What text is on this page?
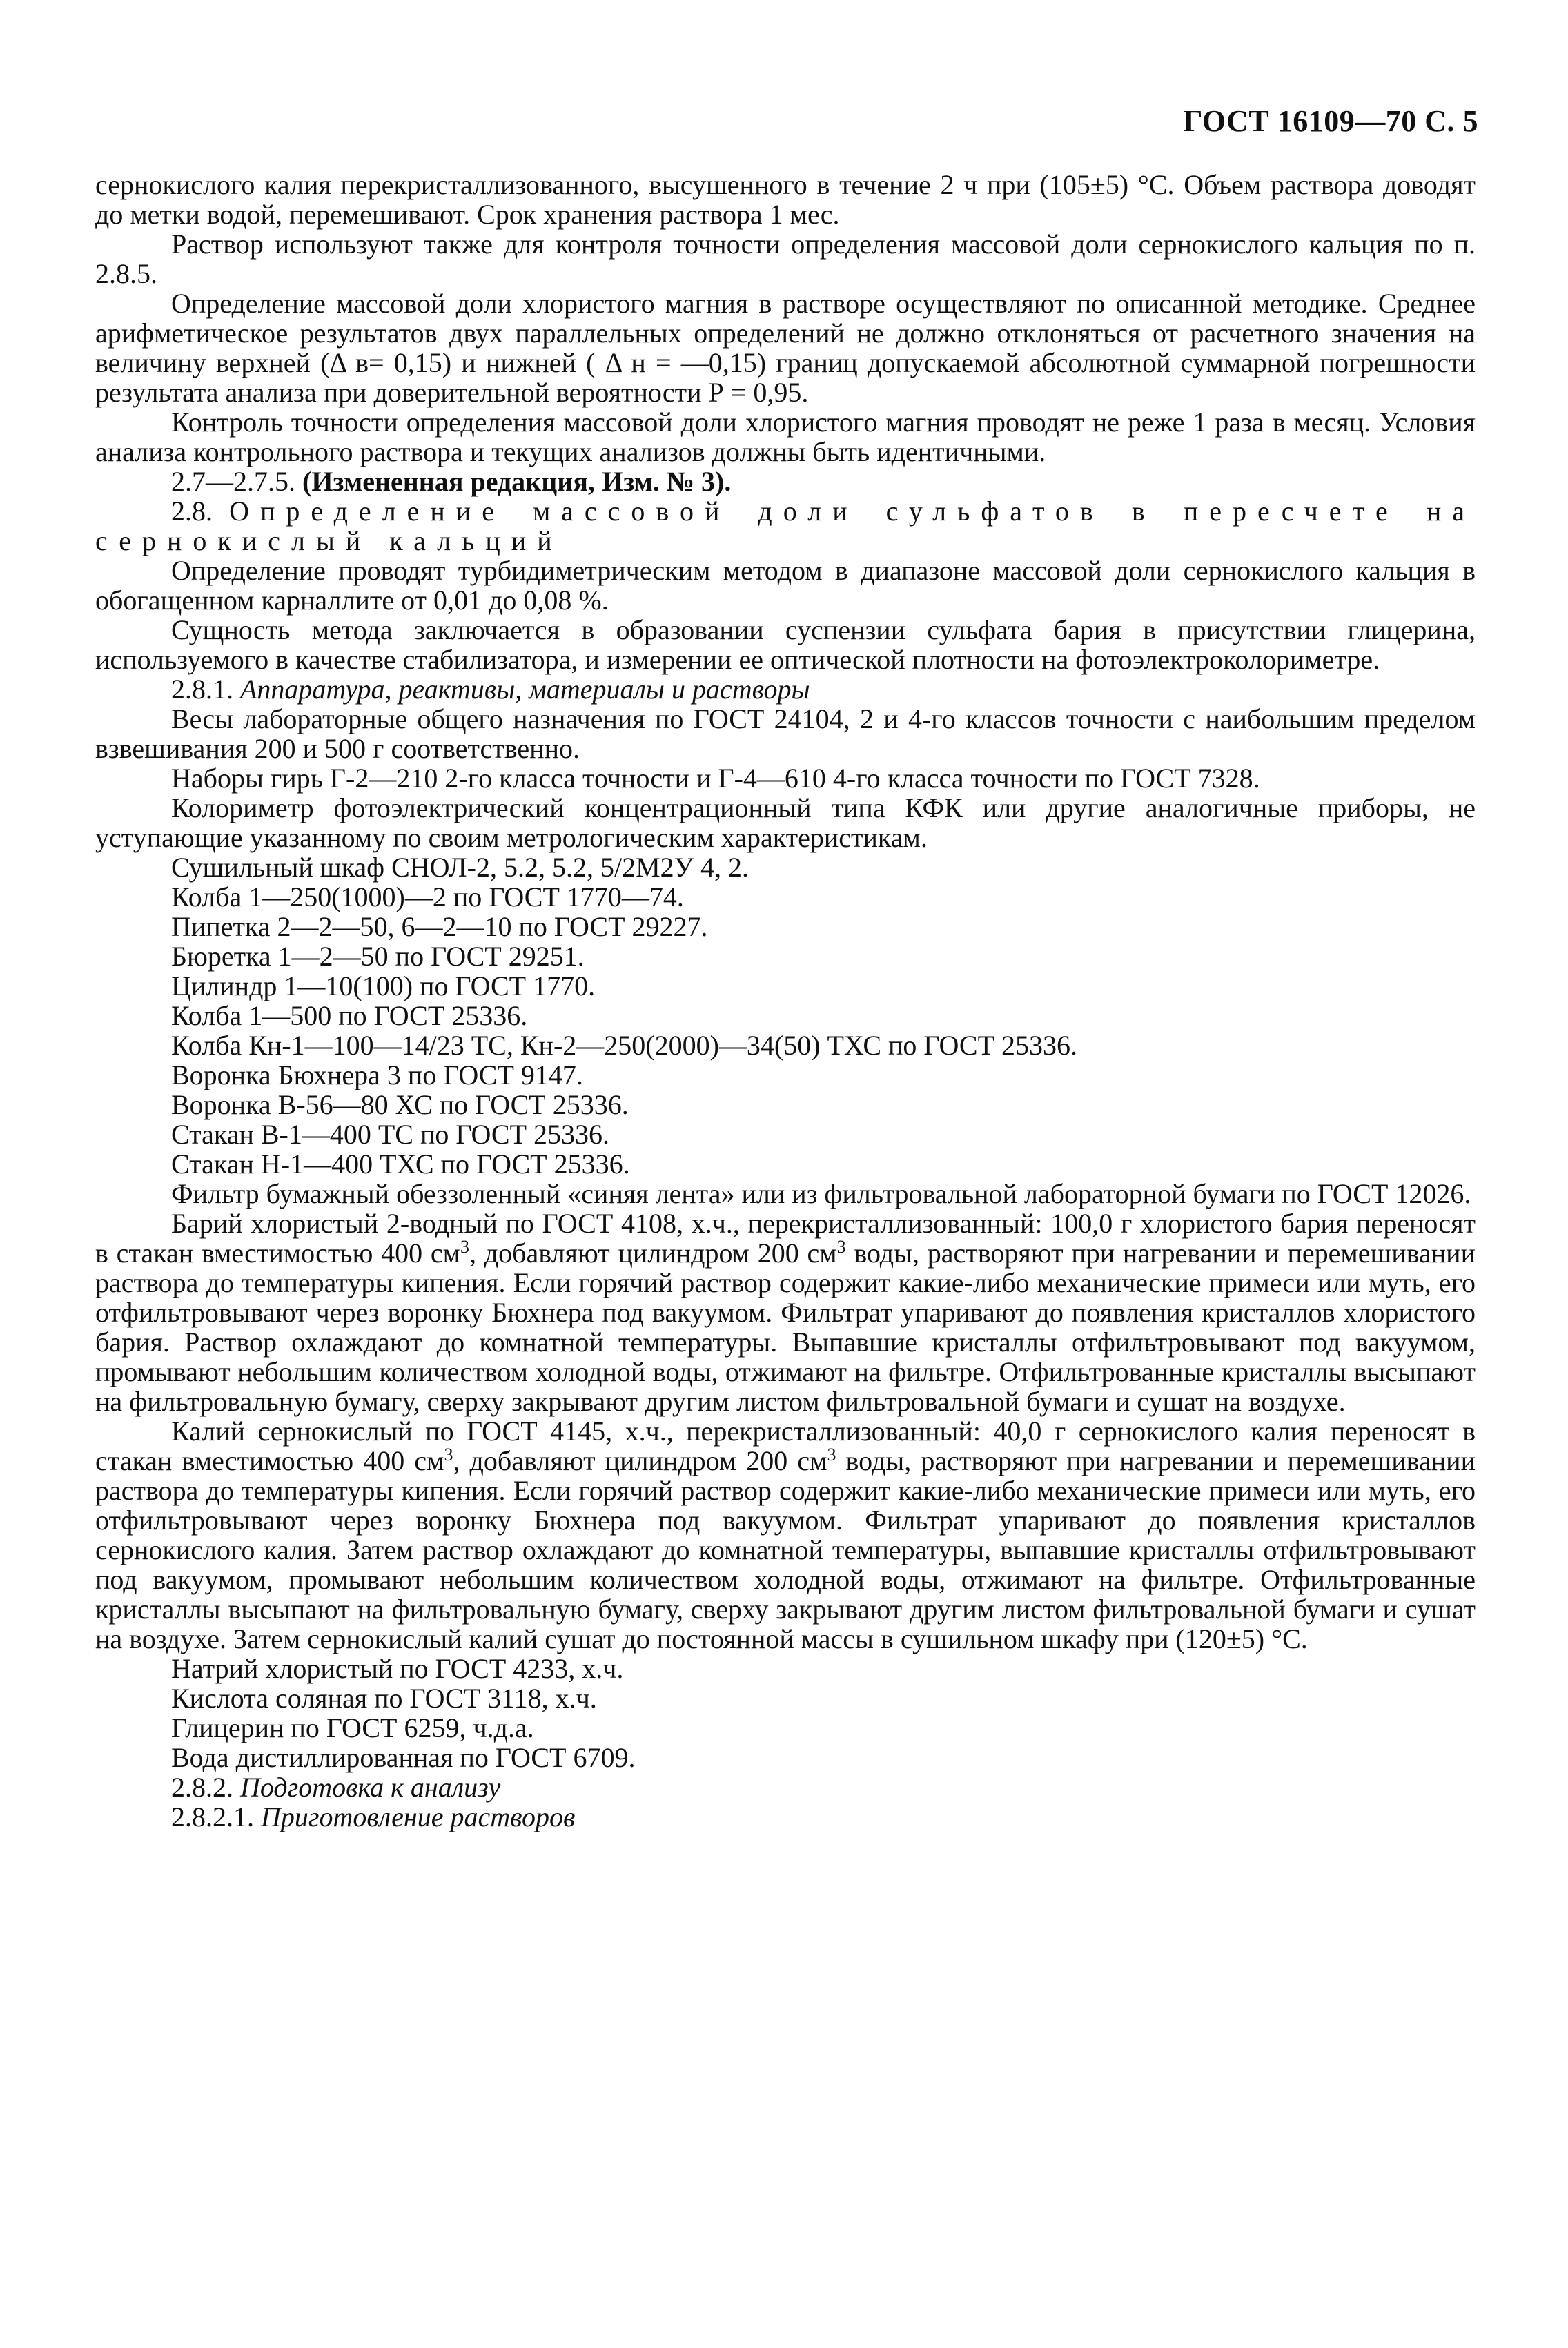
ГОСТ 16109—70 С. 5

сернокислого калия перекристаллизованного, высушенного в течение 2 ч при (105±5) °С. Объем раствора доводят до метки водой, перемешивают. Срок хранения раствора 1 мес.

Раствор используют также для контроля точности определения массовой доли сернокислого кальция по п. 2.8.5.

Определение массовой доли хлористого магния в растворе осуществляют по описанной методике. Среднее арифметическое результатов двух параллельных определений не должно отклоняться от расчетного значения на величину верхней (Δ в= 0,15) и нижней ( Δ н = —0,15) границ допускаемой абсолютной суммарной погрешности результата анализа при доверительной вероятности Р = 0,95.

Контроль точности определения массовой доли хлористого магния проводят не реже 1 раза в месяц. Условия анализа контрольного раствора и текущих анализов должны быть идентичными.

2.7—2.7.5. (Измененная редакция, Изм. № 3).

2.8. Определение массовой доли сульфатов в пересчете на сернокислый кальций

Определение проводят турбидиметрическим методом в диапазоне массовой доли сернокислого кальция в обогащенном карналлите от 0,01 до 0,08 %.

Сущность метода заключается в образовании суспензии сульфата бария в присутствии глицерина, используемого в качестве стабилизатора, и измерении ее оптической плотности на фотоэлектроколориметре.

2.8.1. Аппаратура, реактивы, материалы и растворы

Весы лабораторные общего назначения по ГОСТ 24104, 2 и 4-го классов точности с наибольшим пределом взвешивания 200 и 500 г соответственно.

Наборы гирь Г-2—210 2-го класса точности и Г-4—610 4-го класса точности по ГОСТ 7328.

Колориметр фотоэлектрический концентрационный типа КФК или другие аналогичные приборы, не уступающие указанному по своим метрологическим характеристикам.

Сушильный шкаф СНОЛ-2, 5.2, 5.2, 5/2М2У 4, 2.

Колба 1—250(1000)—2 по ГОСТ 1770—74.

Пипетка 2—2—50, 6—2—10 по ГОСТ 29227.

Бюретка 1—2—50 по ГОСТ 29251.

Цилиндр 1—10(100) по ГОСТ 1770.

Колба 1—500 по ГОСТ 25336.

Колба Кн-1—100—14/23 ТС, Кн-2—250(2000)—34(50) ТХС по ГОСТ 25336.

Воронка Бюхнера 3 по ГОСТ 9147.

Воронка В-56—80 ХС по ГОСТ 25336.

Стакан В-1—400 ТС по ГОСТ 25336.

Стакан Н-1—400 ТХС по ГОСТ 25336.

Фильтр бумажный обеззоленный «синяя лента» или из фильтровальной лабораторной бумаги по ГОСТ 12026.

Барий хлористый 2-водный по ГОСТ 4108, х.ч., перекристаллизованный: 100,0 г хлористого бария переносят в стакан вместимостью 400 $см^3$, добавляют цилиндром 200 $см^3$ воды, растворяют при нагревании и перемешивании раствора до температуры кипения. Если горячий раствор содержит какие-либо механические примеси или муть, его отфильтровывают через воронку Бюхнера под вакуумом. Фильтрат упаривают до появления кристаллов хлористого бария. Раствор охлаждают до комнатной температуры. Выпавшие кристаллы отфильтровывают под вакуумом, промывают небольшим количеством холодной воды, отжимают на фильтре. Отфильтрованные кристаллы высыпают на фильтровальную бумагу, сверху закрывают другим листом фильтровальной бумаги и сушат на воздухе.

Калий сернокислый по ГОСТ 4145, х.ч., перекристаллизованный: 40,0 г сернокислого калия переносят в стакан вместимостью 400 $см^3$, добавляют цилиндром 200 $см^3$ воды, растворяют при нагревании и перемешивании раствора до температуры кипения. Если горячий раствор содержит какие-либо механические примеси или муть, его отфильтровывают через воронку Бюхнера под вакуумом. Фильтрат упаривают до появления кристаллов сернокислого калия. Затем раствор охлаждают до комнатной температуры, выпавшие кристаллы отфильтровывают под вакуумом, промывают небольшим количеством холодной воды, отжимают на фильтре. Отфильтрованные кристаллы высыпают на фильтровальную бумагу, сверху закрывают другим листом фильтровальной бумаги и сушат на воздухе. Затем сернокислый калий сушат до постоянной массы в сушильном шкафу при (120±5) °С.

Натрий хлористый по ГОСТ 4233, х.ч.

Кислота соляная по ГОСТ 3118, х.ч.

Глицерин по ГОСТ 6259, ч.д.а.

Вода дистиллированная по ГОСТ 6709.

2.8.2. Подготовка к анализу

2.8.2.1. Приготовление растворов
